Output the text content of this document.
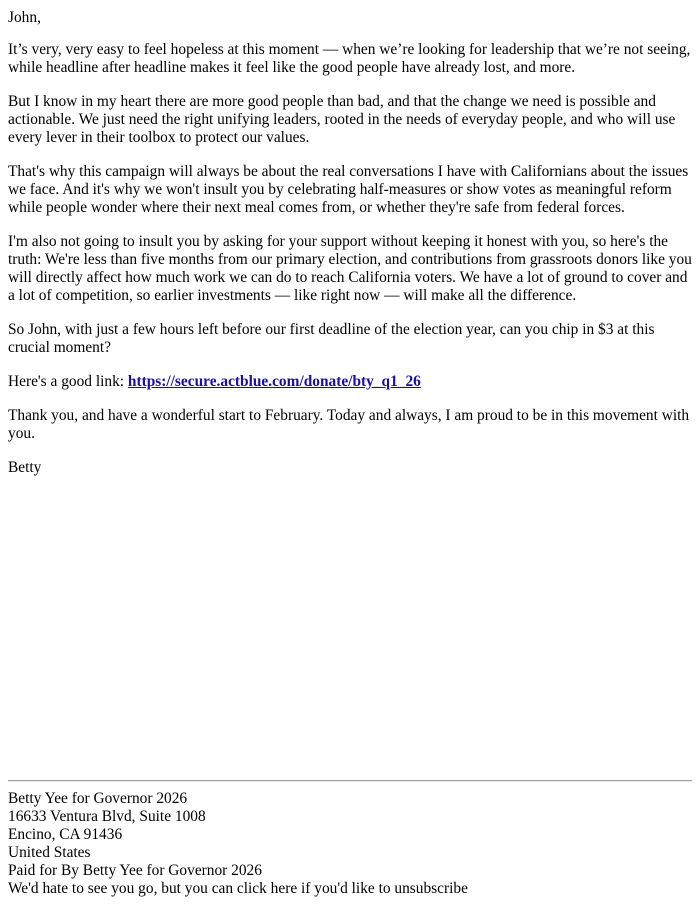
John,

It’s very, very easy to feel hopeless at this moment — when we’re looking for leadership that we’re not seeing, while headline after headline makes it feel like the good people have already lost, and more.

But I know in my heart there are more good people than bad, and that the change we need is possible and actionable. We just need the right unifying leaders, rooted in the needs of everyday people, and who will use every lever in their toolbox to protect our values.

That's why this campaign will always be about the real conversations I have with Californians about the issues we face. And it's why we won't insult you by celebrating half-measures or show votes as meaningful reform while people wonder where their next meal comes from, or whether they're safe from federal forces.

I'm also not going to insult you by asking for your support without keeping it honest with you, so here's the truth: We're less than five months from our primary election, and contributions from grassroots donors like you will directly affect how much work we can do to reach California voters. We have a lot of ground to cover and a lot of competition, so earlier investments — like right now — will make all the difference.

So John, with just a few hours left before our first deadline of the election year, can you chip in $3 at this crucial moment?

Here's a good link: https://secure.actblue.com/donate/bty_q1_26

Thank you, and have a wonderful start to February. Today and always, I am proud to be in this movement with you.

Betty

Betty Yee for Governor 2026
16633 Ventura Blvd, Suite 1008
Encino, CA 91436
United States
Paid for By Betty Yee for Governor 2026
We'd hate to see you go, but you can click here if you'd like to unsubscribe
